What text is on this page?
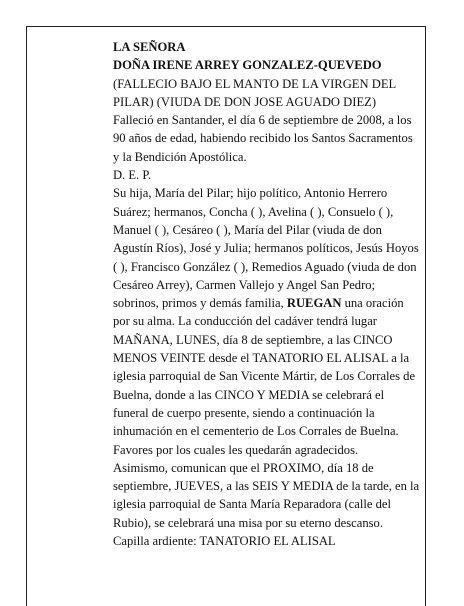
LA SEÑORA

DOÑA IRENE ARREY GONZALEZ-QUEVEDO

(FALLECIO BAJO EL MANTO DE LA VIRGEN DEL PILAR) (VIUDA DE DON JOSE AGUADO DIEZ)

Falleció en Santander, el día 6 de septiembre de 2008, a los 90 años de edad, habiendo recibido los Santos Sacramentos y la Bendición Apostólica.

D. E. P.

Su hija, María del Pilar; hijo político, Antonio Herrero Suárez; hermanos, Concha ( ), Avelina ( ), Consuelo ( ), Manuel ( ), Cesáreo ( ), María del Pilar (viuda de don Agustín Ríos), José y Julia; hermanos políticos, Jesús Hoyos ( ), Francisco González ( ), Remedios Aguado (viuda de don Cesáreo Arrey), Carmen Vallejo y Angel San Pedro; sobrinos, primos y demás familia, RUEGAN una oración por su alma. La conducción del cadáver tendrá lugar MAÑANA, LUNES, día 8 de septiembre, a las CINCO MENOS VEINTE desde el TANATORIO EL ALISAL a la iglesia parroquial de San Vicente Mártir, de Los Corrales de Buelna, donde a las CINCO Y MEDIA se celebrará el funeral de cuerpo presente, siendo a continuación la inhumación en el cementerio de Los Corrales de Buelna. Favores por los cuales les quedarán agradecidos.

Asimismo, comunican que el PROXIMO, día 18 de septiembre, JUEVES, a las SEIS Y MEDIA de la tarde, en la iglesia parroquial de Santa María Reparadora (calle del Rubio), se celebrará una misa por su eterno descanso. Capilla ardiente: TANATORIO EL ALISAL
